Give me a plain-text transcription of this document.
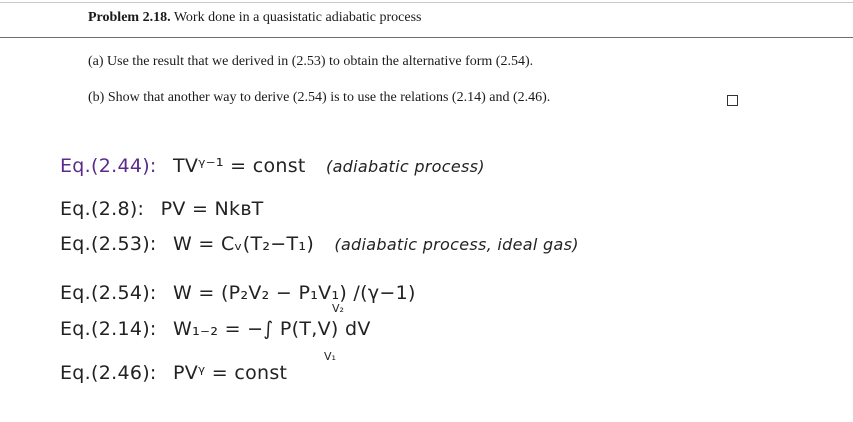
Problem 2.18. Work done in a quasistatic adiabatic process
(a) Use the result that we derived in (2.53) to obtain the alternative form (2.54).
(b) Show that another way to derive (2.54) is to use the relations (2.14) and (2.46).
Eq.(2.44): TVᵞ⁻¹ = const (adiabatic process)
Eq.(2.8): PV = NkʙT
Eq.(2.53): W = Cᵥ(T₂−T₁) (adiabatic process, ideal gas)
Eq.(2.54): W = (P₂V₂ − P₁V₁) /(γ−1)
V₂
Eq.(2.14): W₁₋₂ = −∫ P(T,V) dV
V₁
Eq.(2.46): PVᵞ = const
